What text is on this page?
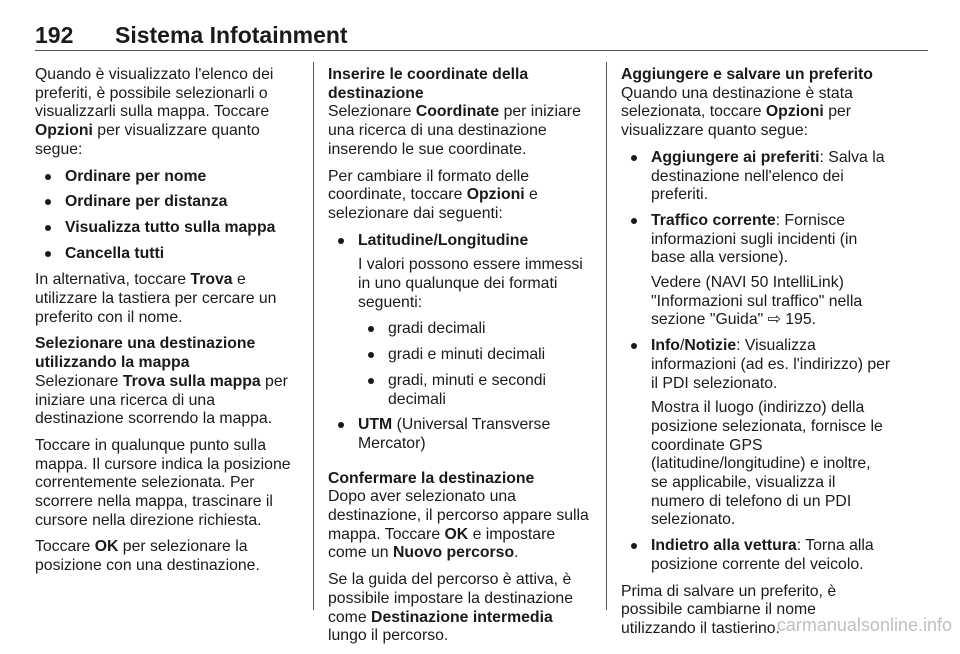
192 Sistema Infotainment

Quando è visualizzato l'elenco dei preferiti, è possibile selezionarli o visualizzarli sulla mappa. Toccare Opzioni per visualizzare quanto segue:

Ordinare per nome
Ordinare per distanza
Visualizza tutto sulla mappa
Cancella tutti

In alternativa, toccare Trova e utilizzare la tastiera per cercare un preferito con il nome.

Selezionare una destinazione utilizzando la mappa

Selezionare Trova sulla mappa per iniziare una ricerca di una destinazione scorrendo la mappa.

Toccare in qualunque punto sulla mappa. Il cursore indica la posizione correntemente selezionata. Per scorrere nella mappa, trascinare il cursore nella direzione richiesta.

Toccare OK per selezionare la posizione con una destinazione.

Inserire le coordinate della destinazione

Selezionare Coordinate per iniziare una ricerca di una destinazione inserendo le sue coordinate.

Per cambiare il formato delle coordinate, toccare Opzioni e selezionare dai seguenti:

Latitudine/Longitudine

I valori possono essere immessi in uno qualunque dei formati seguenti:

gradi decimali
gradi e minuti decimali
gradi, minuti e secondi decimali
UTM (Universal Transverse Mercator)

Confermare la destinazione

Dopo aver selezionato una destinazione, il percorso appare sulla mappa. Toccare OK e impostare come un Nuovo percorso.

Se la guida del percorso è attiva, è possibile impostare la destinazione come Destinazione intermedia lungo il percorso.

Aggiungere e salvare un preferito

Quando una destinazione è stata selezionata, toccare Opzioni per visualizzare quanto segue:

Aggiungere ai preferiti: Salva la destinazione nell'elenco dei preferiti.
Traffico corrente: Fornisce informazioni sugli incidenti (in base alla versione).

Vedere (NAVI 50 IntelliLink) "Informazioni sul traffico" nella sezione "Guida" ⇨ 195.

Info/Notizie: Visualizza informazioni (ad es. l'indirizzo) per il PDI selezionato.

Mostra il luogo (indirizzo) della posizione selezionata, fornisce le coordinate GPS (latitudine/longitudine) e inoltre, se applicabile, visualizza il numero di telefono di un PDI selezionato.

Indietro alla vettura: Torna alla posizione corrente del veicolo.

Prima di salvare un preferito, è possibile cambiarne il nome utilizzando il tastierino.

carmanualsonline.info
